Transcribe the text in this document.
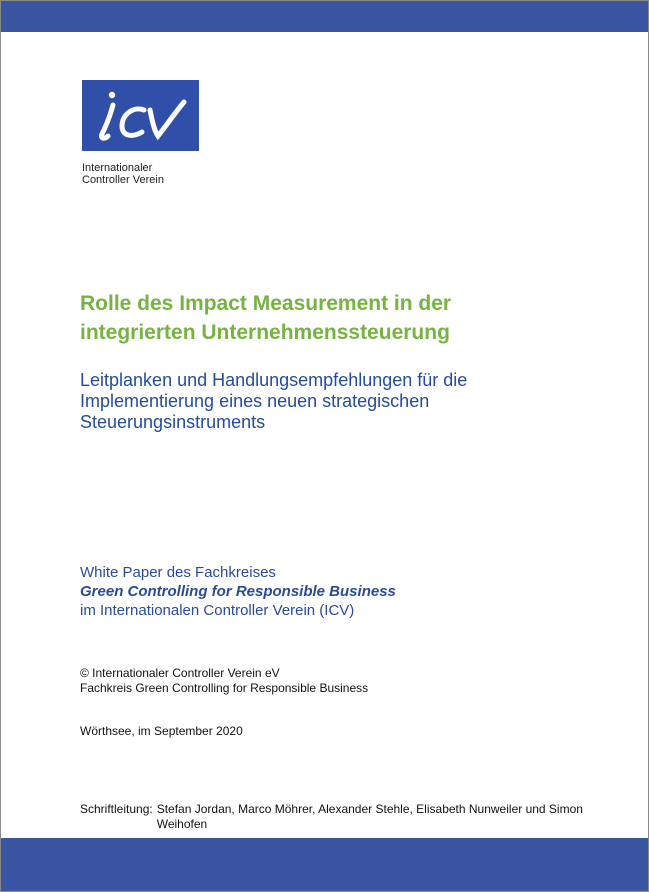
icv
Internationaler
Controller Verein
Rolle des Impact Measurement in der
integrierten Unternehmenssteuerung
Leitplanken und Handlungsempfehlungen für die
Implementierung eines neuen strategischen
Steuerungsinstruments
White Paper des Fachkreises
Green Controlling for Responsible Business
im Internationalen Controller Verein (ICV)
© Internationaler Controller Verein eV
Fachkreis Green Controlling for Responsible Business
Wörthsee, im September 2020
Schriftleitung: Stefan Jordan, Marco Möhrer, Alexander Stehle, Elisabeth Nunweiler und Simon Weihofen
